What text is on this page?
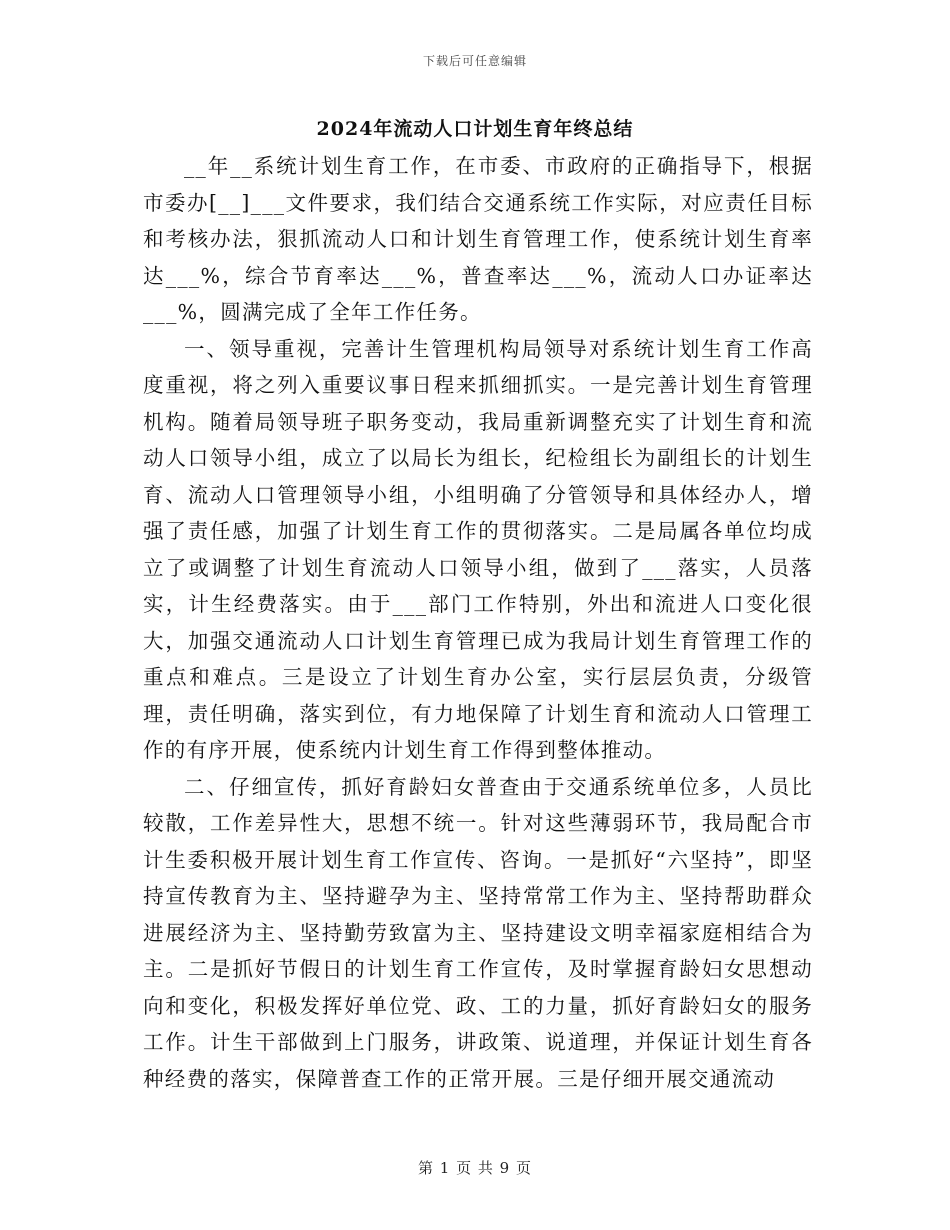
下载后可任意编辑
2024年流动人口计划生育年终总结

__年__系统计划生育工作，在市委、市政府的正确指导下，根据市委办[__]___文件要求，我们结合交通系统工作实际，对应责任目标和考核办法，狠抓流动人口和计划生育管理工作，使系统计划生育率达___%，综合节育率达___%，普查率达___%，流动人口办证率达___%，圆满完成了全年工作任务。

一、领导重视，完善计生管理机构局领导对系统计划生育工作高度重视，将之列入重要议事日程来抓细抓实。一是完善计划生育管理机构。随着局领导班子职务变动，我局重新调整充实了计划生育和流动人口领导小组，成立了以局长为组长，纪检组长为副组长的计划生育、流动人口管理领导小组，小组明确了分管领导和具体经办人，增强了责任感，加强了计划生育工作的贯彻落实。二是局属各单位均成立了或调整了计划生育流动人口领导小组，做到了___落实，人员落实，计生经费落实。由于___部门工作特别，外出和流进人口变化很大，加强交通流动人口计划生育管理已成为我局计划生育管理工作的重点和难点。三是设立了计划生育办公室，实行层层负责，分级管理，责任明确，落实到位，有力地保障了计划生育和流动人口管理工作的有序开展，使系统内计划生育工作得到整体推动。

二、仔细宣传，抓好育龄妇女普查由于交通系统单位多，人员比较散，工作差异性大，思想不统一。针对这些薄弱环节，我局配合市计生委积极开展计划生育工作宣传、咨询。一是抓好“六坚持”，即坚持宣传教育为主、坚持避孕为主、坚持常常工作为主、坚持帮助群众进展经济为主、坚持勤劳致富为主、坚持建设文明幸福家庭相结合为主。二是抓好节假日的计划生育工作宣传，及时掌握育龄妇女思想动向和变化，积极发挥好单位党、政、工的力量，抓好育龄妇女的服务工作。计生干部做到上门服务，讲政策、说道理，并保证计划生育各种经费的落实，保障普查工作的正常开展。三是仔细开展交通流动

第 1 页 共 9 页
